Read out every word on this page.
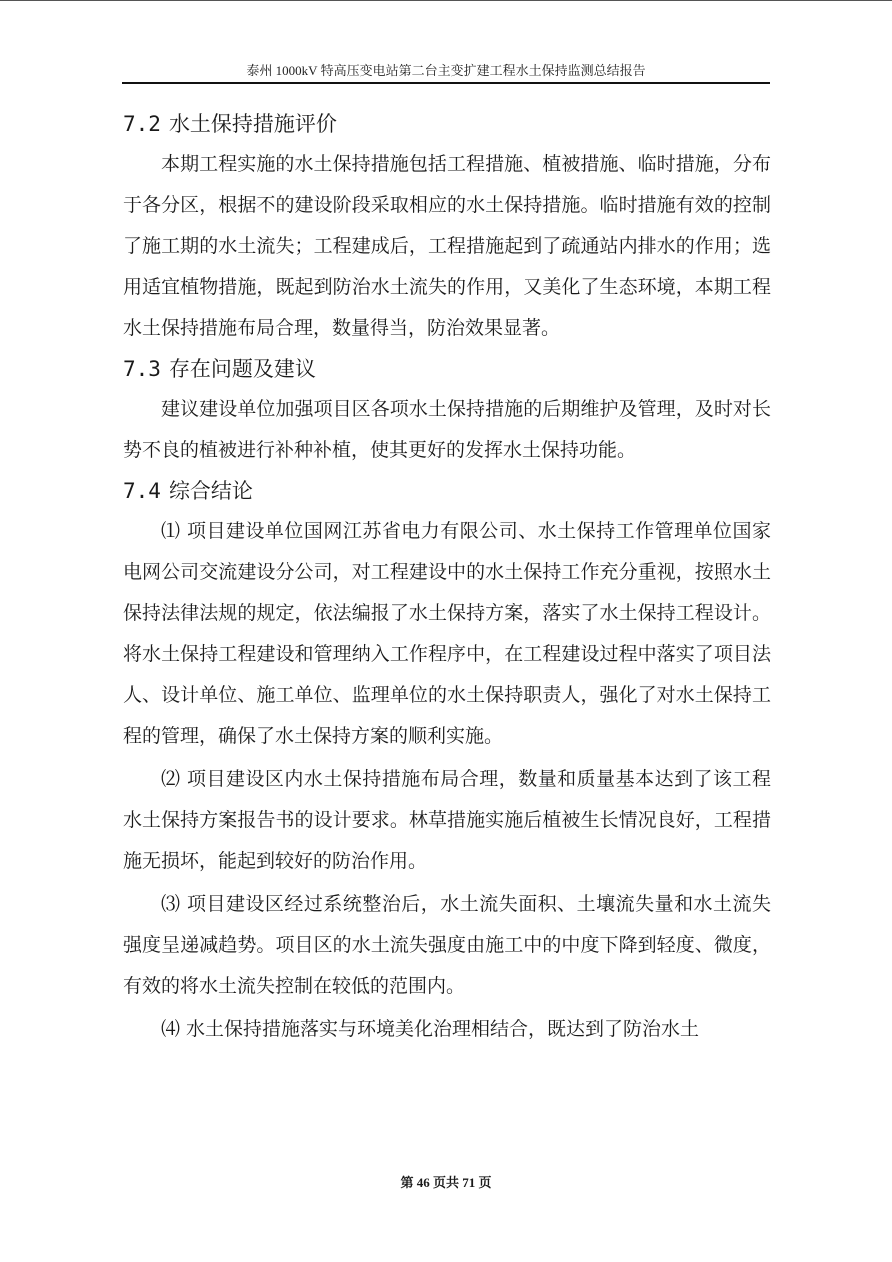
泰州 1000kV 特高压变电站第二台主变扩建工程水土保持监测总结报告
7.2 水土保持措施评价

本期工程实施的水土保持措施包括工程措施、植被措施、临时措施，分布于各分区，根据不的建设阶段采取相应的水土保持措施。临时措施有效的控制了施工期的水土流失；工程建成后，工程措施起到了疏通站内排水的作用；选用适宜植物措施，既起到防治水土流失的作用，又美化了生态环境，本期工程水土保持措施布局合理，数量得当，防治效果显著。

7.3 存在问题及建议

建议建设单位加强项目区各项水土保持措施的后期维护及管理，及时对长势不良的植被进行补种补植，使其更好的发挥水土保持功能。

7.4 综合结论

⑴ 项目建设单位国网江苏省电力有限公司、水土保持工作管理单位国家电网公司交流建设分公司，对工程建设中的水土保持工作充分重视，按照水土保持法律法规的规定，依法编报了水土保持方案，落实了水土保持工程设计。将水土保持工程建设和管理纳入工作程序中，在工程建设过程中落实了项目法人、设计单位、施工单位、监理单位的水土保持职责人，强化了对水土保持工程的管理，确保了水土保持方案的顺利实施。

⑵ 项目建设区内水土保持措施布局合理，数量和质量基本达到了该工程水土保持方案报告书的设计要求。林草措施实施后植被生长情况良好，工程措施无损坏，能起到较好的防治作用。

⑶ 项目建设区经过系统整治后，水土流失面积、土壤流失量和水土流失强度呈递减趋势。项目区的水土流失强度由施工中的中度下降到轻度、微度，有效的将水土流失控制在较低的范围内。

⑷ 水土保持措施落实与环境美化治理相结合，既达到了防治水土

第 46 页共 71 页
